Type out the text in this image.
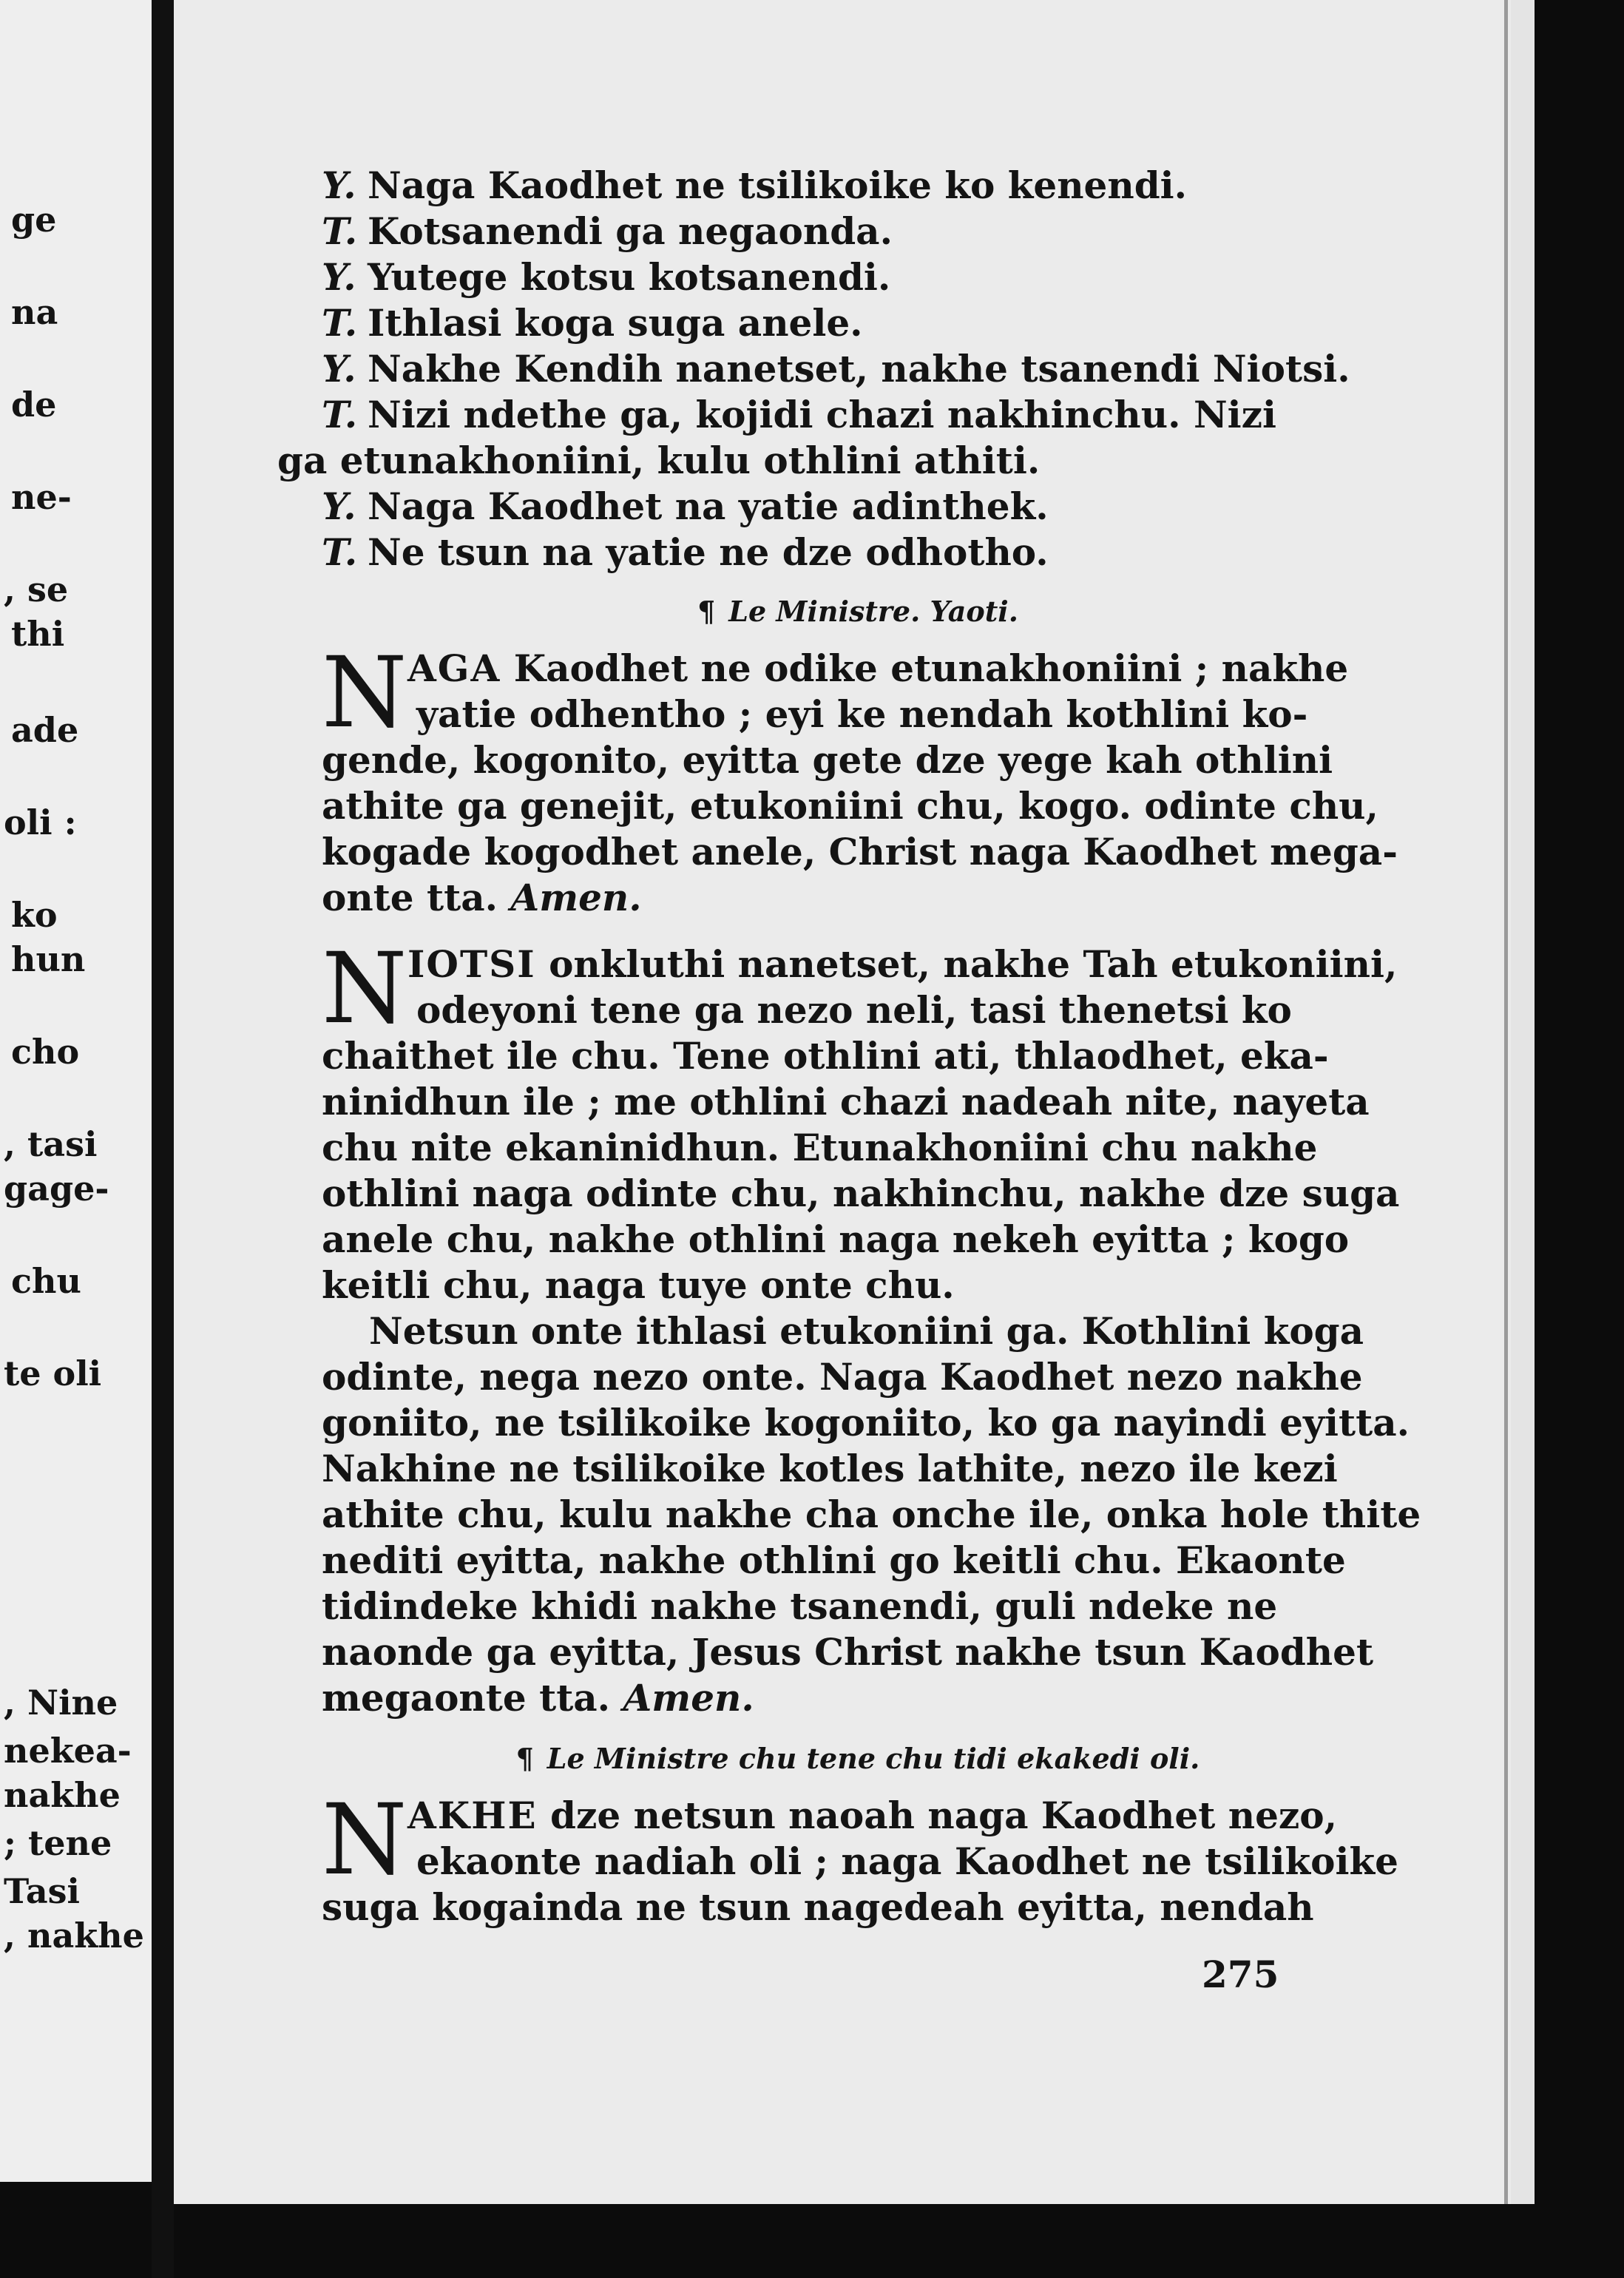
ge
na
de
ne-
, se
thi
ade
oli :
ko
hun
cho
, tasi
gage-
chu
te oli
, Nine
nekea-
nakhe
; tene
Tasi
, nakhe
Y. Naga Kaodhet ne tsilikoike ko kenendi.
T. Kotsanendi ga negaonda.
Y. Yutege kotsu kotsanendi.
T. Ithlasi koga suga anele.
Y. Nakhe Kendih nanetset, nakhe tsanendi Niotsi.
T. Nizi ndethe ga, kojidi chazi nakhinchu. Nizi
ga etunakhoniini, kulu othlini athiti.
Y. Naga Kaodhet na yatie adinthek.
T. Ne tsun na yatie ne dze odhotho.
¶ Le Ministre. Yaoti.
N AGA Kaodhet ne odike etunakhoniini ; nakhe
yatie odhentho ; eyi ke nendah kothlini ko-
gende, kogonito, eyitta gete dze yege kah othlini
athite ga genejit, etukoniini chu, kogo. odinte chu,
kogade kogodhet anele, Christ naga Kaodhet mega-
onte tta. Amen.
N IOTSI onkluthi nanetset, nakhe Tah etukoniini,
odeyoni tene ga nezo neli, tasi thenetsi ko
chaithet ile chu. Tene othlini ati, thlaodhet, eka-
ninidhun ile ; me othlini chazi nadeah nite, nayeta
chu nite ekaninidhun. Etunakhoniini chu nakhe
othlini naga odinte chu, nakhinchu, nakhe dze suga
anele chu, nakhe othlini naga nekeh eyitta ; kogo
keitli chu, naga tuye onte chu.
Netsun onte ithlasi etukoniini ga. Kothlini koga
odinte, nega nezo onte. Naga Kaodhet nezo nakhe
goniito, ne tsilikoike kogoniito, ko ga nayindi eyitta.
Nakhine ne tsilikoike kotles lathite, nezo ile kezi
athite chu, kulu nakhe cha onche ile, onka hole thite
nediti eyitta, nakhe othlini go keitli chu. Ekaonte
tidindeke khidi nakhe tsanendi, guli ndeke ne
naonde ga eyitta, Jesus Christ nakhe tsun Kaodhet
megaonte tta. Amen.
¶ Le Ministre chu tene chu tidi ekakedi oli.
N AKHE dze netsun naoah naga Kaodhet nezo,
ekaonte nadiah oli ; naga Kaodhet ne tsilikoike
suga kogainda ne tsun nagedeah eyitta, nendah
275
